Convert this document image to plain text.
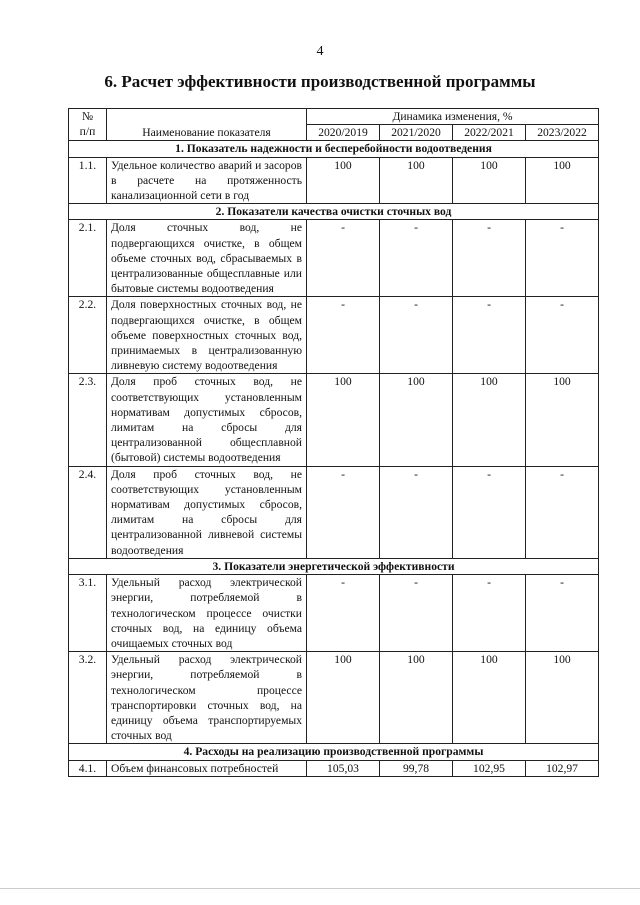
4
6. Расчет эффективности производственной программы
№
п/п	Наименование показателя	Динамика изменения, %			
		2020/2019	2021/2020	2022/2021	2023/2022
1. Показатель надежности и бесперебойности водоотведения					
1.1.	Удельное количество аварий и засоров в расчете на протяженность канализационной сети в год	100	100	100	100
2. Показатели качества очистки сточных вод					
2.1.	Доля сточных вод, не подвергающихся очистке, в общем объеме сточных вод, сбрасываемых в централизованные общесплавные или бытовые системы водоотведения	-	-	-	-
2.2.	Доля поверхностных сточных вод, не подвергающихся очистке, в общем объеме поверхностных сточных вод, принимаемых в централизованную ливневую систему водоотведения	-	-	-	-
2.3.	Доля проб сточных вод, не соответствующих установленным нормативам допустимых сбросов, лимитам на сбросы для централизованной общесплавной (бытовой) системы водоотведения	100	100	100	100
2.4.	Доля проб сточных вод, не соответствующих установленным нормативам допустимых сбросов, лимитам на сбросы для централизованной ливневой системы водоотведения	-	-	-	-
3. Показатели энергетической эффективности					
3.1.	Удельный расход электрической энергии, потребляемой в технологическом процессе очистки сточных вод, на единицу объема очищаемых сточных вод	-	-	-	-
3.2.	Удельный расход электрической энергии, потребляемой в технологическом процессе транспортировки сточных вод, на единицу объема транспортируемых сточных вод	100	100	100	100
4. Расходы на реализацию производственной программы					
4.1.	Объем финансовых потребностей	105,03	99,78	102,95	102,97
